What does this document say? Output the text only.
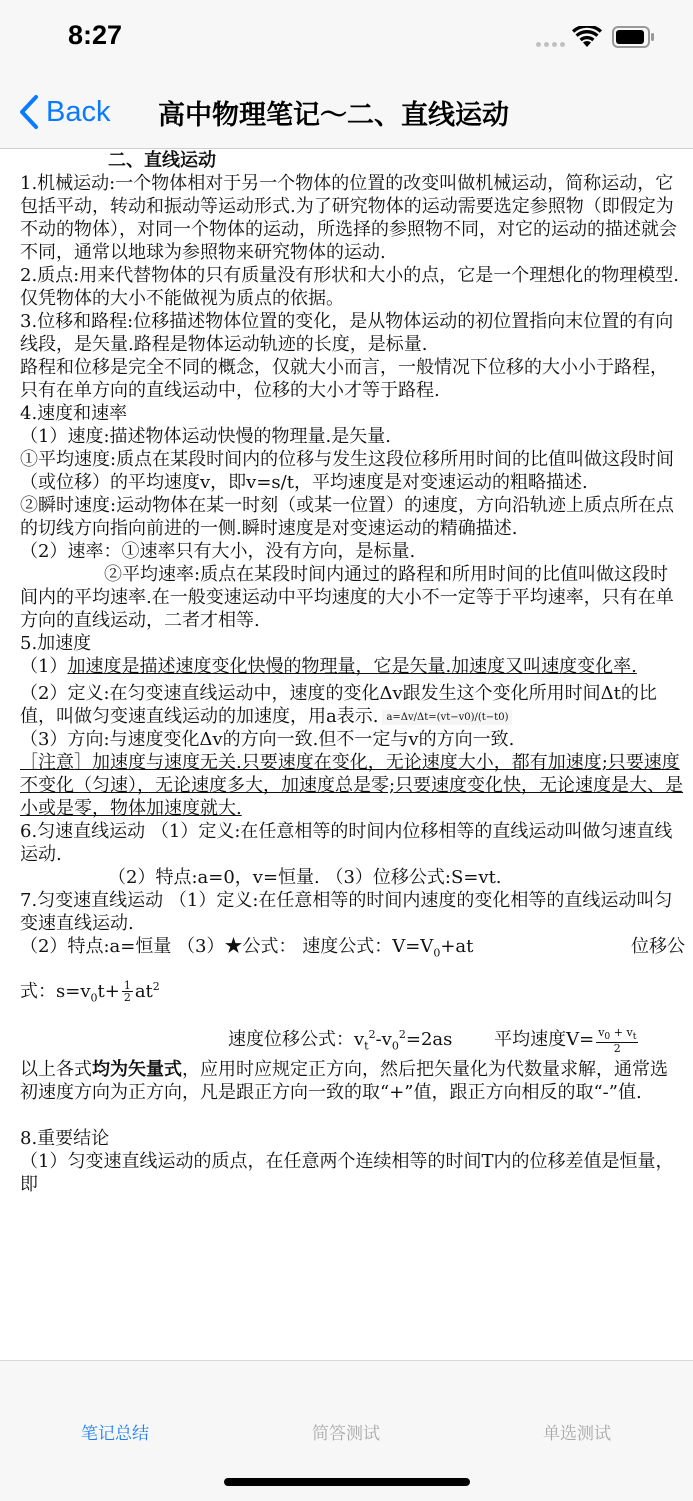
8:27
Back 高中物理笔记～二、直线运动

二、直线运动

1.机械运动:一个物体相对于另一个物体的位置的改变叫做机械运动，简称运动，它包括平动，转动和振动等运动形式.为了研究物体的运动需要选定参照物（即假定为不动的物体），对同一个物体的运动，所选择的参照物不同，对它的运动的描述就会不同，通常以地球为参照物来研究物体的运动.

2.质点:用来代替物体的只有质量没有形状和大小的点，它是一个理想化的物理模型.仅凭物体的大小不能做视为质点的依据。

3.位移和路程:位移描述物体位置的变化，是从物体运动的初位置指向末位置的有向线段，是矢量.路程是物体运动轨迹的长度，是标量.

路程和位移是完全不同的概念，仅就大小而言，一般情况下位移的大小小于路程，只有在单方向的直线运动中，位移的大小才等于路程.

4.速度和速率

（1）速度:描述物体运动快慢的物理量.是矢量.

①平均速度:质点在某段时间内的位移与发生这段位移所用时间的比值叫做这段时间（或位移）的平均速度v，即v=s/t，平均速度是对变速运动的粗略描述.

②瞬时速度:运动物体在某一时刻（或某一位置）的速度，方向沿轨迹上质点所在点的切线方向指向前进的一侧.瞬时速度是对变速运动的精确描述.

（2）速率：①速率只有大小，没有方向，是标量.

②平均速率:质点在某段时间内通过的路程和所用时间的比值叫做这段时间内的平均速率.在一般变速运动中平均速度的大小不一定等于平均速率，只有在单方向的直线运动，二者才相等.

5.加速度

（1）加速度是描述速度变化快慢的物理量，它是矢量.加速度又叫速度变化率.

（2）定义:在匀变速直线运动中，速度的变化Δv跟发生这个变化所用时间Δt的比值，叫做匀变速直线运动的加速度，用a表示. a=Δv/Δt=(vt−v0)/(t−t0)

（3）方向:与速度变化Δv的方向一致.但不一定与v的方向一致.

［注意］加速度与速度无关.只要速度在变化，无论速度大小，都有加速度;只要速度不变化（匀速），无论速度多大，加速度总是零;只要速度变化快，无论速度是大、是小或是零，物体加速度就大.

6.匀速直线运动 （1）定义:在任意相等的时间内位移相等的直线运动叫做匀速直线运动.

（2）特点:a=0，v=恒量. （3）位移公式:S=vt.

7.匀变速直线运动 （1）定义:在任意相等的时间内速度的变化相等的直线运动叫匀变速直线运动.

（2）特点:a=恒量 （3）★公式： 速度公式：$V=V_0+at$	位移公

式：$s=v_0t+ \frac{1}{2} at^2$

速度位移公式：$v_t^2-v_0^2=2as$ 平均速度$V= \frac{v_0 + v_t}{2}$

以上各式均为矢量式，应用时应规定正方向，然后把矢量化为代数量求解，通常选初速度方向为正方向，凡是跟正方向一致的取“+”值，跟正方向相反的取“-”值.

8.重要结论

（1）匀变速直线运动的质点，在任意两个连续相等的时间T内的位移差值是恒量，即

笔记总结	简答测试	单选测试
